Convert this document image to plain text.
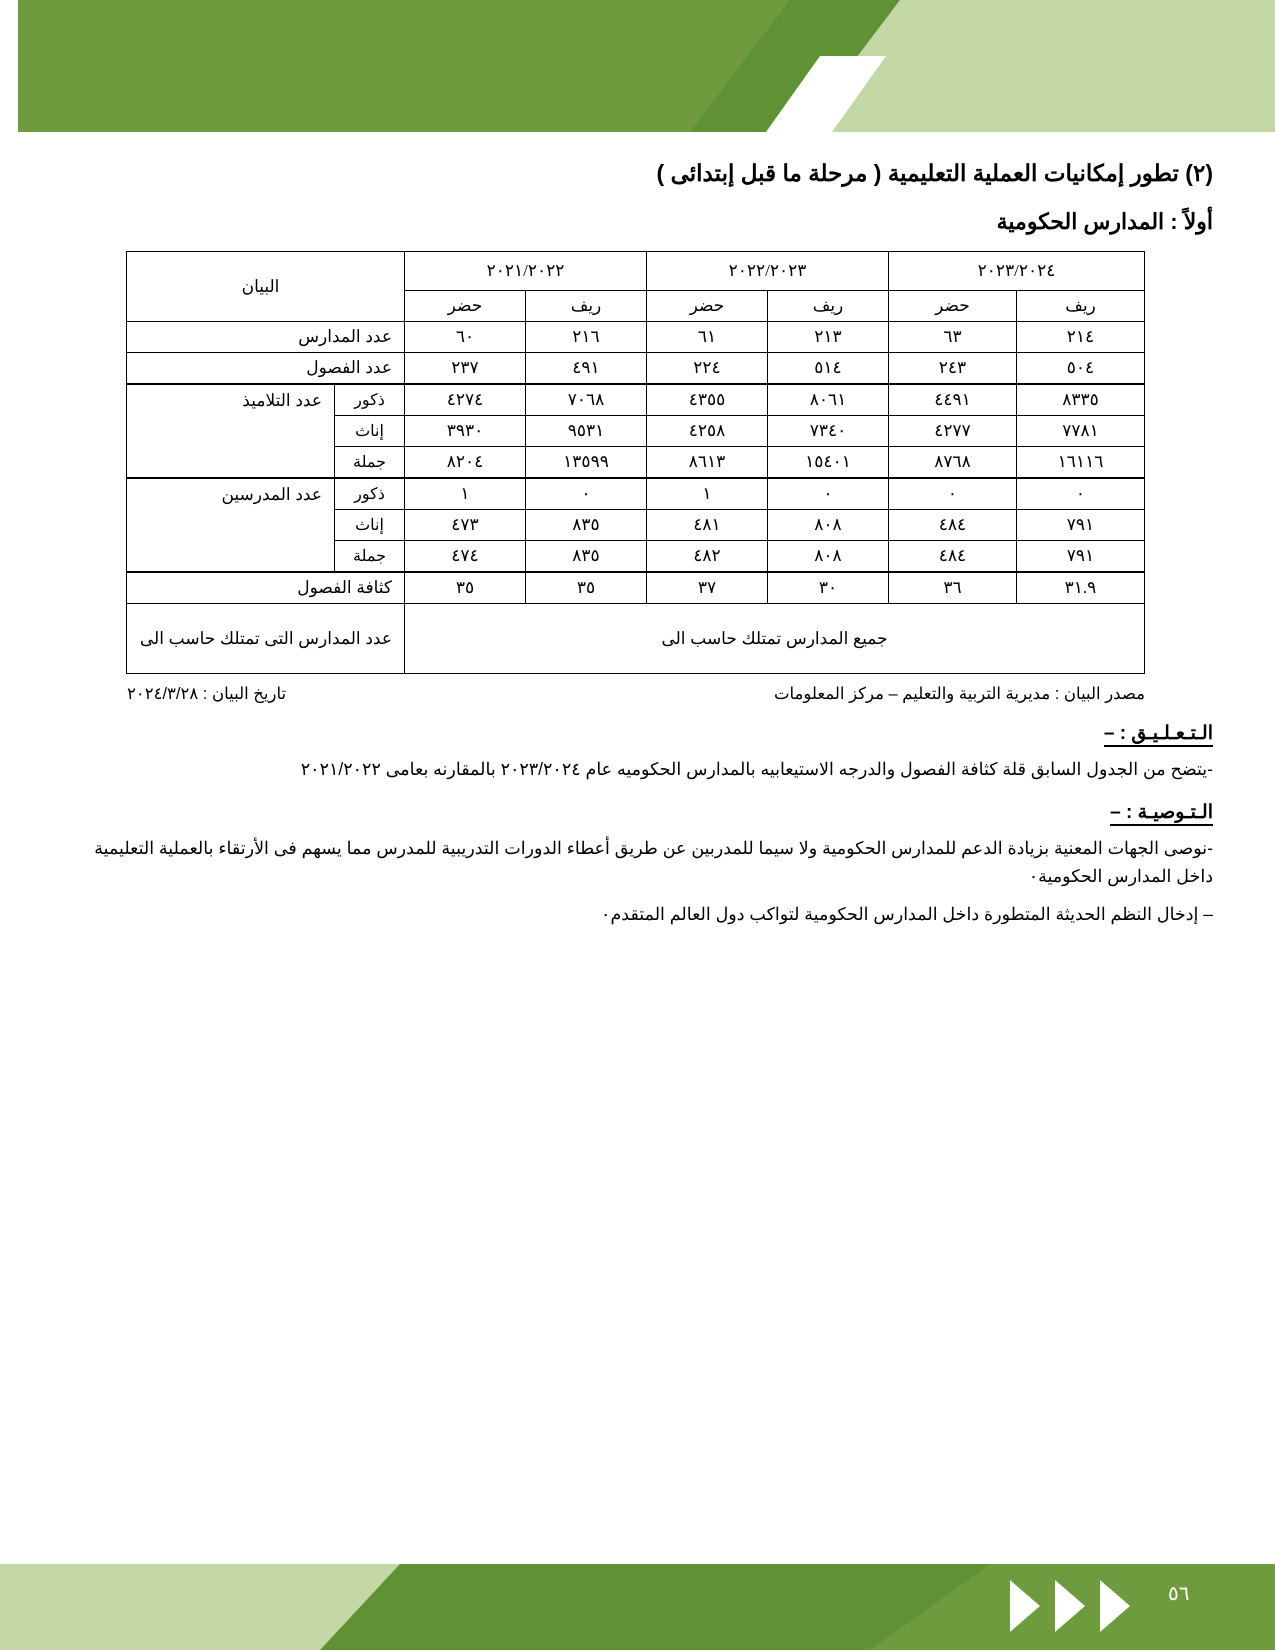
(٢) تطور إمكانيات العملية التعليمية ( مرحلة ما قبل إبتدائى )
أولاً : المدارس الحكومية
٢٠٢٣/٢٠٢٤		٢٠٢٢/٢٠٢٣		٢٠٢١/٢٠٢٢		البيان	
ريف	حضر	ريف	حضر	ريف	حضر		
٢١٤	٦٣	٢١٣	٦١	٢١٦	٦٠	عدد المدارس	
٥٠٤	٢٤٣	٥١٤	٢٢٤	٤٩١	٢٣٧	عدد الفصول	
٨٣٣٥	٤٤٩١	٨٠٦١	٤٣٥٥	٧٠٦٨	٤٢٧٤	ذكور	عدد التلاميذ
٧٧٨١	٤٢٧٧	٧٣٤٠	٤٢٥٨	٩٥٣١	٣٩٣٠	إناث	
١٦١١٦	٨٧٦٨	١٥٤٠١	٨٦١٣	١٣٥٩٩	٨٢٠٤	جملة	
٠	٠	٠	١	٠	١	ذكور	عدد المدرسين
٧٩١	٤٨٤	٨٠٨	٤٨١	٨٣٥	٤٧٣	إناث	
٧٩١	٤٨٤	٨٠٨	٤٨٢	٨٣٥	٤٧٤	جملة	
٣١.٩	٣٦	٣٠	٣٧	٣٥	٣٥	كثافة الفصول	
جميع المدارس تمتلك حاسب الى						عدد المدارس التى تمتلك حاسب الى	
مصدر البيان : مديرية التربية والتعليم – مركز المعلومات
تاريخ البيان : ٢٠٢٤/٣/٢٨
الـتـعـلـيـق : –
-يتضح من الجدول السابق قلة كثافة الفصول والدرجه الاستيعابيه بالمدارس الحكوميه عام ٢٠٢٣/٢٠٢٤ بالمقارنه بعامى ٢٠٢١/٢٠٢٢
الـتـوصيـة : –
-نوصى الجهات المعنية بزيادة الدعم للمدارس الحكومية ولا سيما للمدربين عن طريق أعطاء الدورات التدريبية للمدرس مما يسهم فى الأرتقاء بالعملية التعليمية داخل المدارس الحكومية٠
– إدخال النظم الحديثة المتطورة داخل المدارس الحكومية لتواكب دول العالم المتقدم٠
٥٦
